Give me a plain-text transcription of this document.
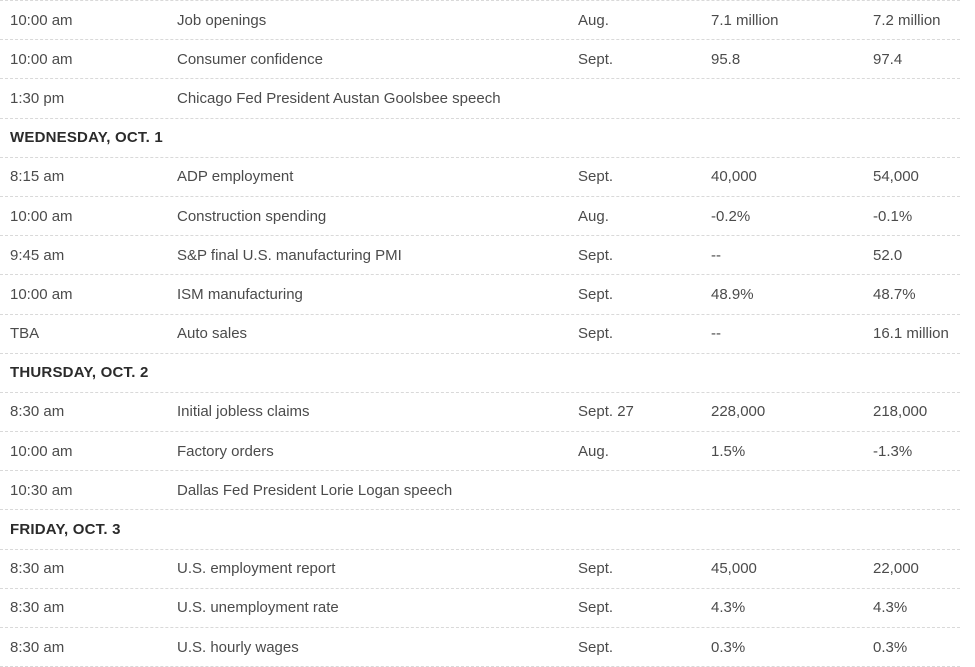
10:00 am	Job openings	Aug.	7.1 million	7.2 million
10:00 am	Consumer confidence	Sept.	95.8	97.4
1:30 pm	Chicago Fed President Austan Goolsbee speech
WEDNESDAY, OCT. 1
8:15 am	ADP employment	Sept.	40,000	54,000
10:00 am	Construction spending	Aug.	-0.2%	-0.1%
9:45 am	S&P final U.S. manufacturing PMI	Sept.	--	52.0
10:00 am	ISM manufacturing	Sept.	48.9%	48.7%
TBA	Auto sales	Sept.	--	16.1 million
THURSDAY, OCT. 2
8:30 am	Initial jobless claims	Sept. 27	228,000	218,000
10:00 am	Factory orders	Aug.	1.5%	-1.3%
10:30 am	Dallas Fed President Lorie Logan speech
FRIDAY, OCT. 3
8:30 am	U.S. employment report	Sept.	45,000	22,000
8:30 am	U.S. unemployment rate	Sept.	4.3%	4.3%
8:30 am	U.S. hourly wages	Sept.	0.3%	0.3%
